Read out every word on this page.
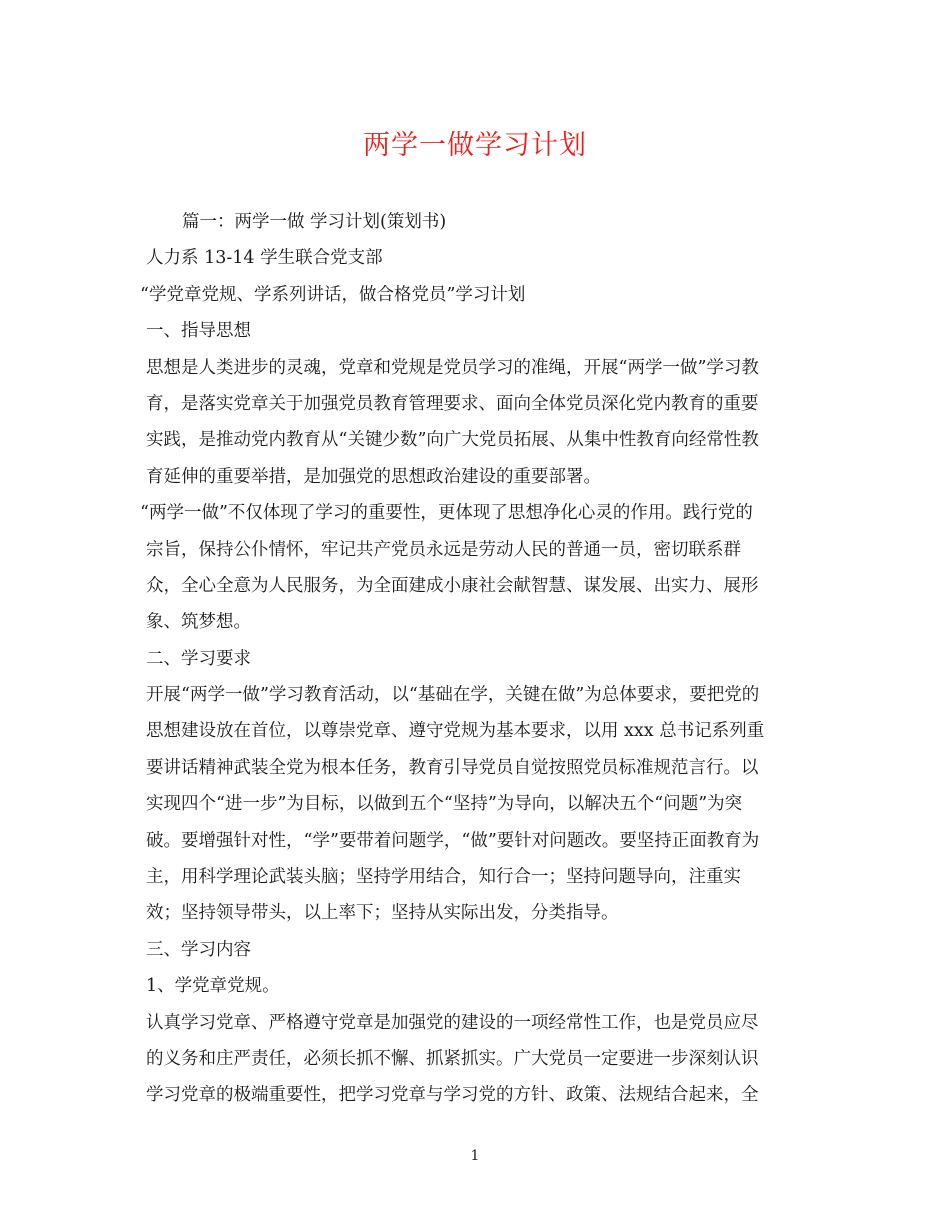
两学一做学习计划
篇一：两学一做 学习计划(策划书)
人力系 13-14 学生联合党支部
“学党章党规、学系列讲话，做合格党员”学习计划
一、指导思想
思想是人类进步的灵魂，党章和党规是党员学习的准绳，开展“两学一做”学习教
育，是落实党章关于加强党员教育管理要求、面向全体党员深化党内教育的重要
实践，是推动党内教育从“关键少数”向广大党员拓展、从集中性教育向经常性教
育延伸的重要举措，是加强党的思想政治建设的重要部署。
“两学一做”不仅体现了学习的重要性，更体现了思想净化心灵的作用。践行党的
宗旨，保持公仆情怀，牢记共产党员永远是劳动人民的普通一员，密切联系群
众，全心全意为人民服务，为全面建成小康社会献智慧、谋发展、出实力、展形
象、筑梦想。
二、学习要求
开展“两学一做”学习教育活动，以“基础在学，关键在做”为总体要求，要把党的
思想建设放在首位，以尊崇党章、遵守党规为基本要求，以用 xxx 总书记系列重
要讲话精神武装全党为根本任务，教育引导党员自觉按照党员标准规范言行。以
实现四个“进一步”为目标，以做到五个“坚持”为导向，以解决五个“问题”为突
破。要增强针对性，“学”要带着问题学，“做”要针对问题改。要坚持正面教育为
主，用科学理论武装头脑；坚持学用结合，知行合一；坚持问题导向，注重实
效；坚持领导带头，以上率下；坚持从实际出发，分类指导。
三、学习内容
1、学党章党规。
认真学习党章、严格遵守党章是加强党的建设的一项经常性工作，也是党员应尽
的义务和庄严责任，必须长抓不懈、抓紧抓实。广大党员一定要进一步深刻认识
学习党章的极端重要性，把学习党章与学习党的方针、政策、法规结合起来，全
1
